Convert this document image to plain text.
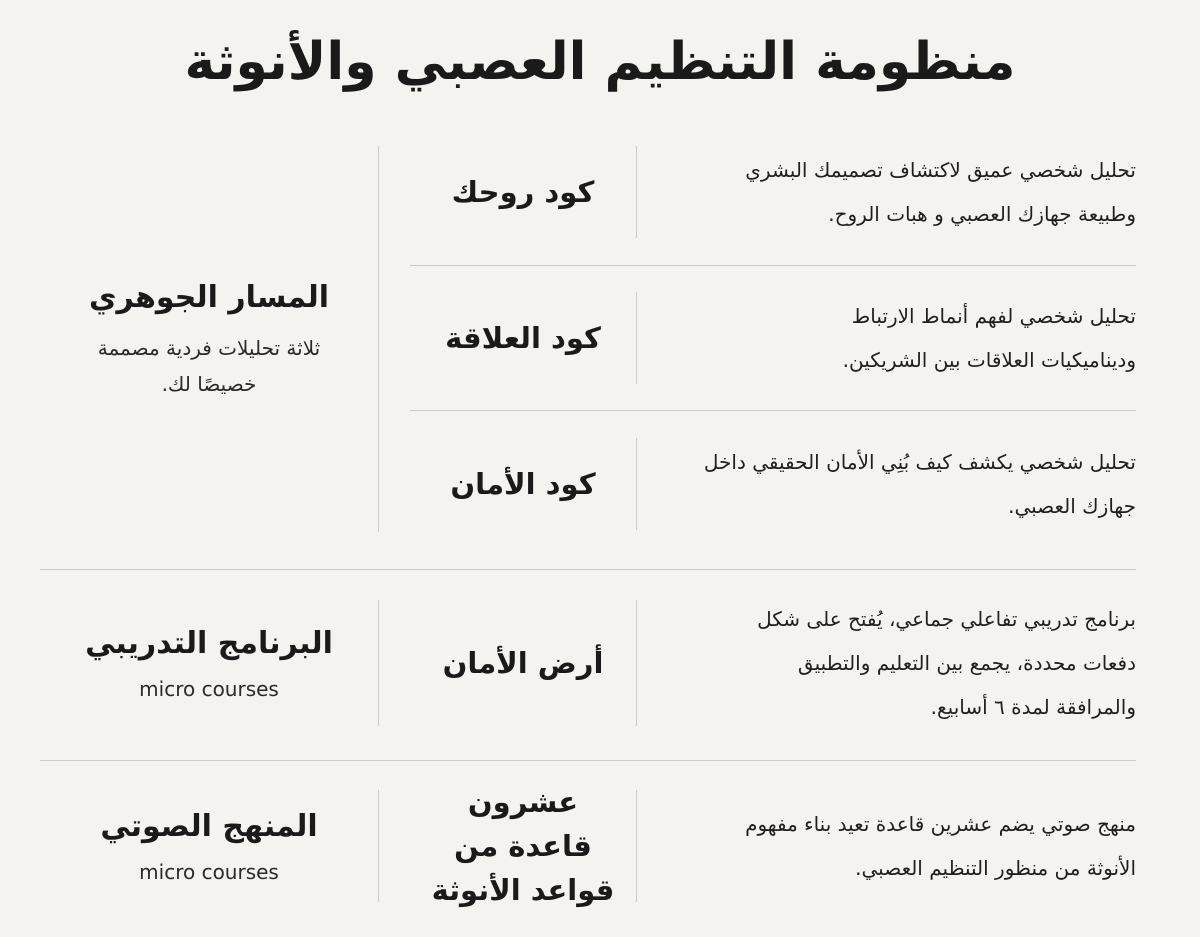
منظومة التنظيم العصبي والأنوثة
المسار الجوهري
ثلاثة تحليلات فردية مصممة خصيصًا لك.
كود روحك
تحليل شخصي عميق لاكتشاف تصميمك البشري وطبيعة جهازك العصبي و هبات الروح.
كود العلاقة
تحليل شخصي لفهم أنماط الارتباط وديناميكيات العلاقات بين الشريكين.
كود الأمان
تحليل شخصي يكشف كيف بُنِي الأمان الحقيقي داخل جهازك العصبي.
البرنامج التدريبي
micro courses
أرض الأمان
برنامج تدريبي تفاعلي جماعي، يُفتح على شكل دفعات محددة، يجمع بين التعليم والتطبيق والمرافقة لمدة ٦ أسابيع.
المنهج الصوتي
micro courses
عشرون قاعدة من قواعد الأنوثة
منهج صوتي يضم عشرين قاعدة تعيد بناء مفهوم الأنوثة من منظور التنظيم العصبي.
